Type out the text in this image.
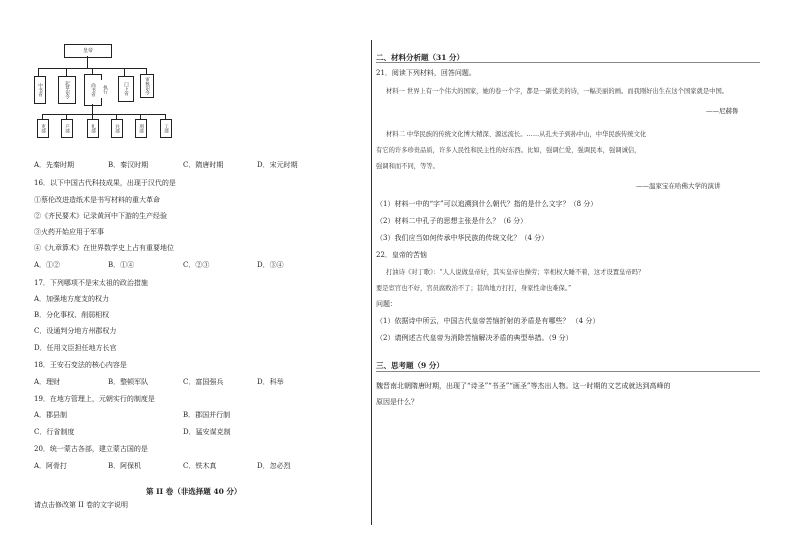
皇帝
中书省	起草诏令	尚书省 执行	门下省	审核诏令
吏部	户部	礼部	兵部	刑部	工部
A．先秦时期	B．秦汉时期	C．隋唐时期	D．宋元时期
16．以下中国古代科技成果，出现于汉代的是
①蔡伦改进造纸术是书写材料的重大革命
②《齐民要术》记录黄河中下游的生产经验
③火药开始应用于军事
④《九章算术》在世界数学史上占有重要地位
A．①②	B．①④	C．②③	D．③④
17．下列哪项不是宋太祖的政治措施
A．加强地方度支的权力
B．分化事权、削弱相权
C．设通判分地方州郡权力
D．任用文臣担任地方长官
18．王安石变法的核心内容是
A．理财	B．整顿军队	C．富国强兵	D．科举
19．在地方管理上，元朝实行的制度是
A．郡县制	B．郡国并行制
C．行省制度	D．猛安谋克制
20．统一蒙古各部，建立蒙古国的是
A．阿骨打	B．阿保机	C．铁木真	D．忽必烈
第 II 卷（非选择题 40 分）
请点击修改第 II 卷的文字说明
二、材料分析题（31 分）
21．阅读下列材料，回答问题。
材料一 世界上有一个伟大的国家，她的卷一个字，都是一副优美的诗，一幅美丽的画。而我刚好出生在这个国家就是中国。
——尼赫鲁
材料二 中华民族的传统文化博大精深、源远流长。……从孔夫子到孙中山，中华民族传统文化
有它的许多珍贵品质，许多人民性和民主性的好东西。比如，强调仁爱，强调民本，强调诚信，
强调和而不同，等等。
——温家宝在哈佛大学的演讲
（1）材料一中的“字”可以追溯到什么朝代？指的是什么文字？（8 分）
（2）材料二中孔子的思想主张是什么？（6 分）
（3）我们应当如何传承中华民族的传统文化？（4 分）
22．皇帝的苦恼
打油诗《对丁歌》：“人人说做皇帝好，其实皇帝也操劳；宰相权大睡不着，这才设置皇帝吗？
要是宦官也不好，官员腐败治不了；甚尚地方打打，身家性命也难保。”
问题：
（1）依据诗中所云，中国古代皇帝苦恼折射的矛盾是有哪些？ （4 分）
（2）请例述古代皇帝为消除苦恼解决矛盾的典型举措。（9 分）
三、思考题（9 分）
魏晋南北朝隋唐时期，出现了“诗圣”“书圣”“画圣”等杰出人物。这一时期的文艺成就达到高峰的
原因是什么？
